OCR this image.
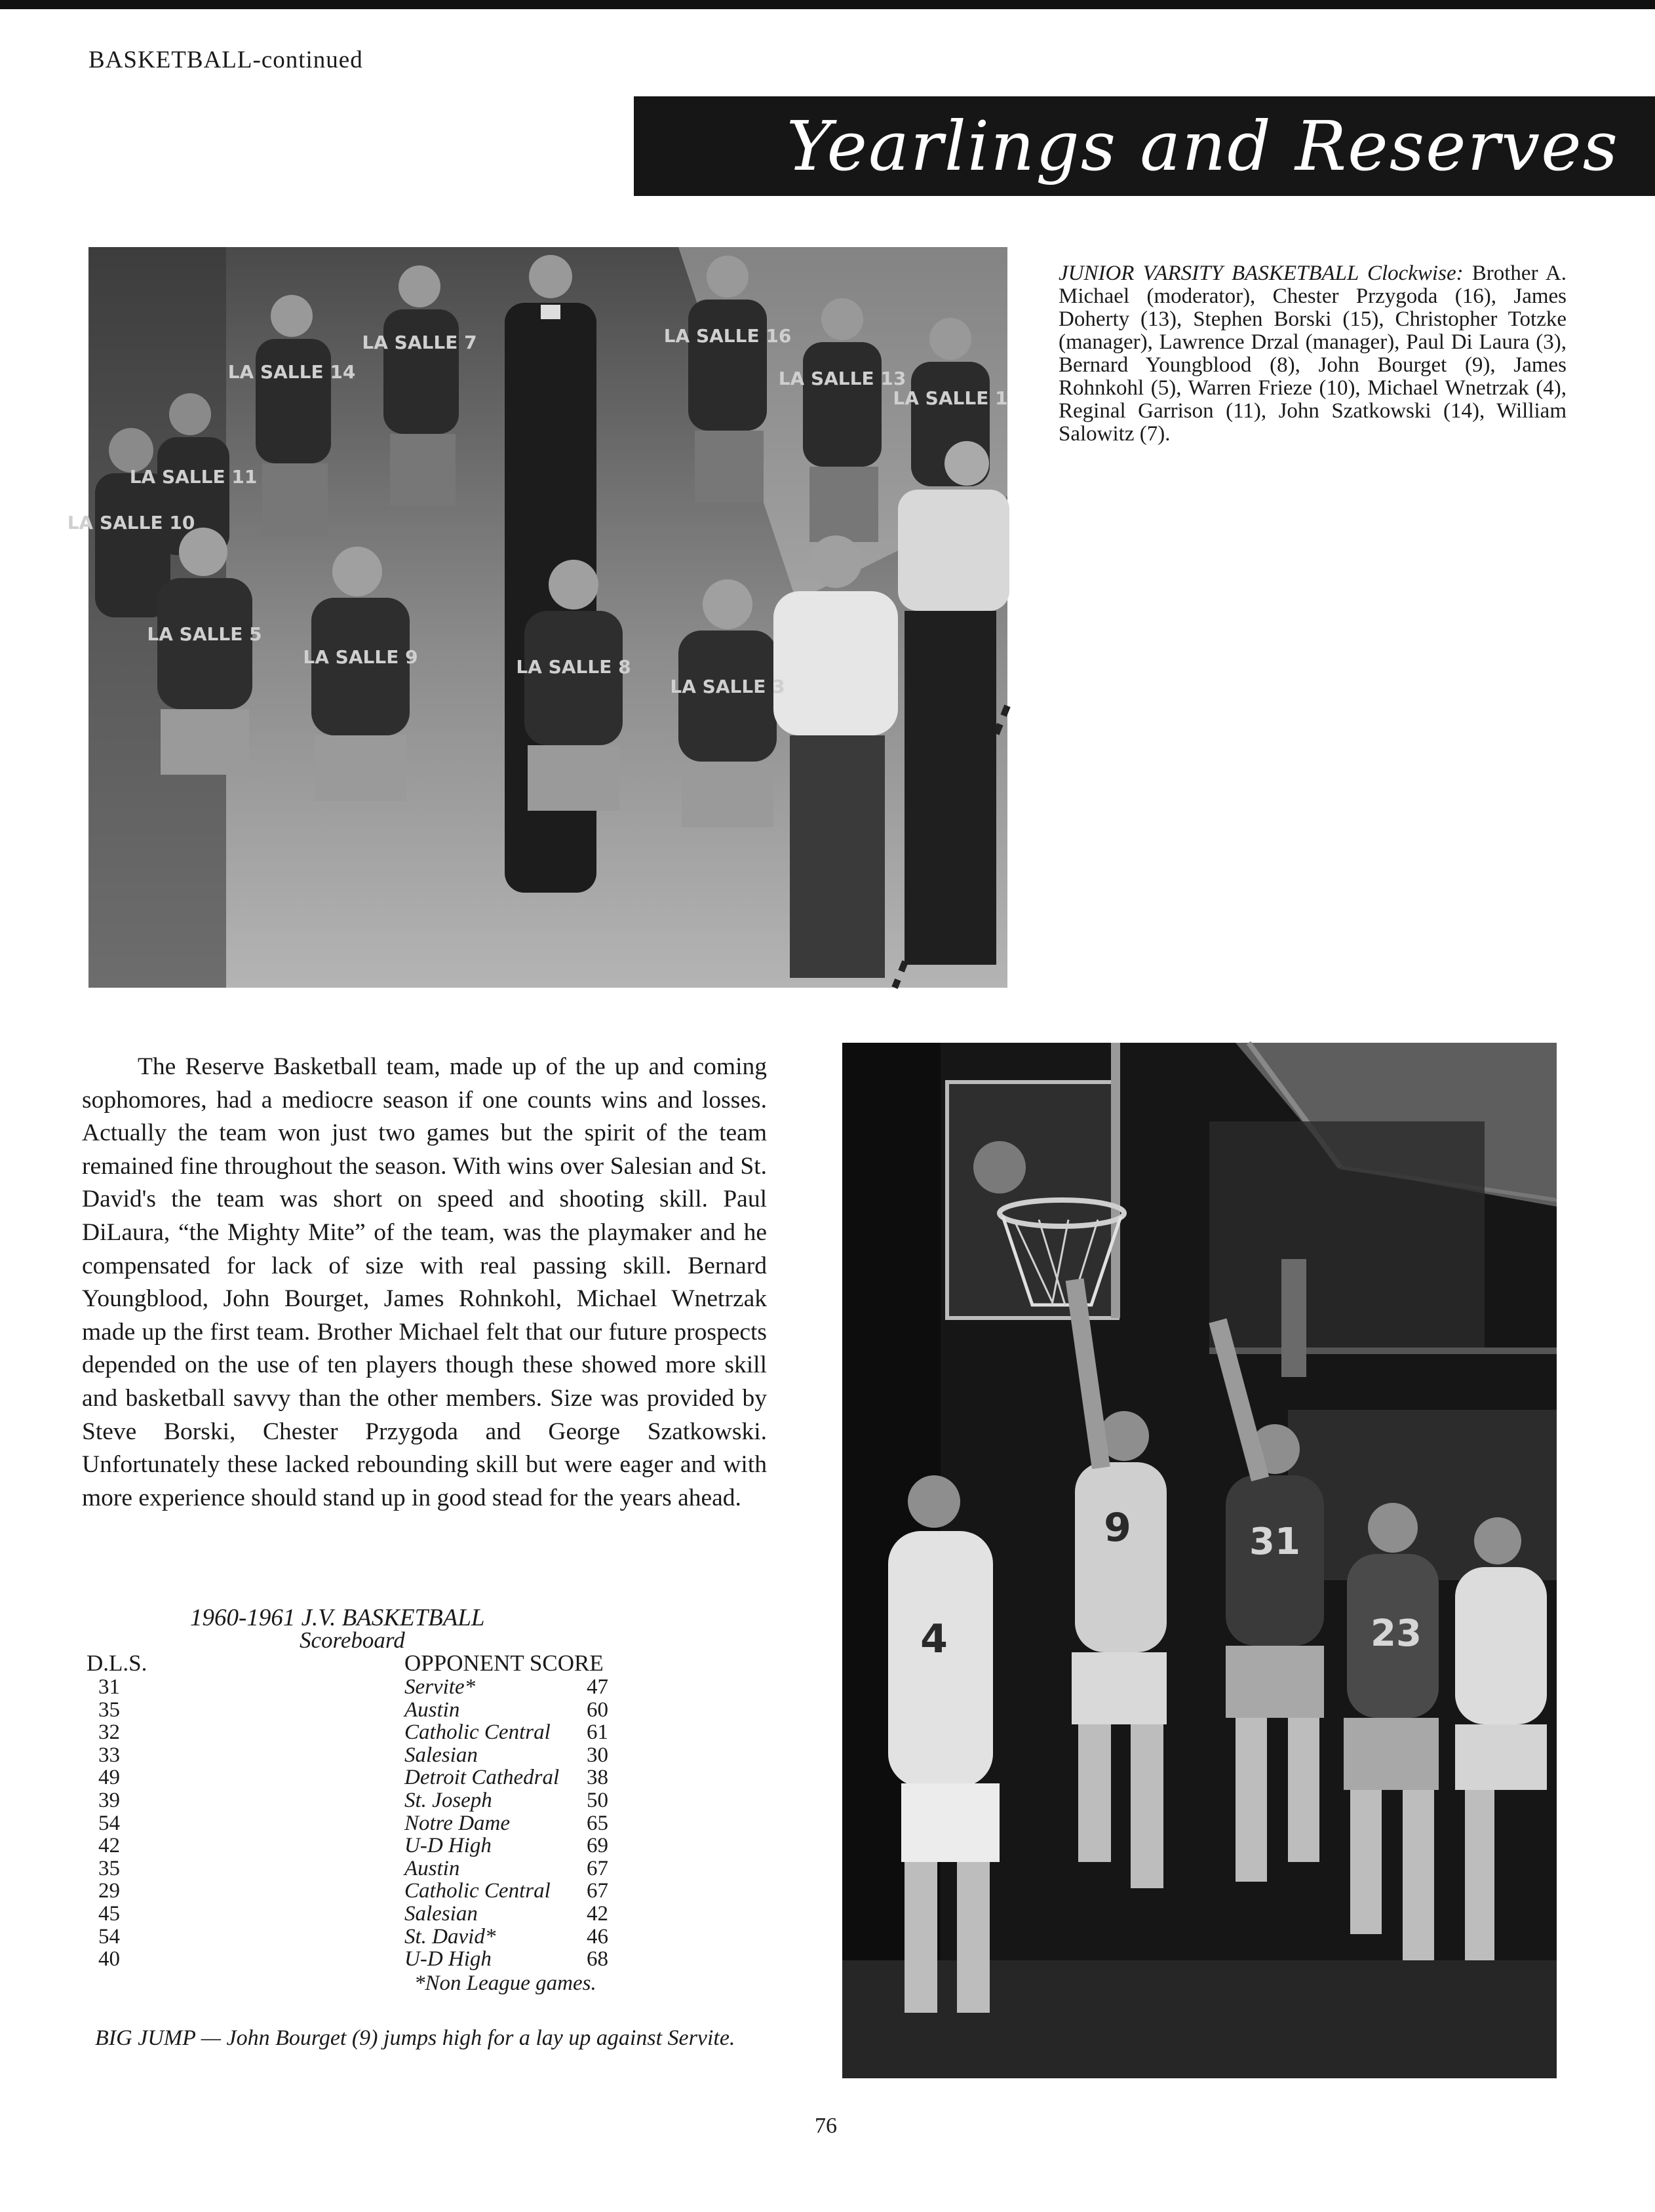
BASKETBALL-continued
Yearlings and Reserves
LA SALLE 14
LA SALLE 7	LA SALLE 16
LA SALLE 13
LA SALLE 11
LA SALLE 1
LA SALLE 10
LA SALLE 5
LA SALLE 9	LA SALLE 8
LA SALLE 3
JUNIOR VARSITY BASKETBALL Clockwise: Brother A. Michael (moderator), Chester Przygoda (16), James Doherty (13), Stephen Borski (15), Christopher Totzke (manager), Lawrence Drzal (manager), Paul Di Laura (3), Bernard Youngblood (8), John Bourget (9), James Rohnkohl (5), Warren Frieze (10), Michael Wnetrzak (4), Reginal Garrison (11), John Szatkowski (14), William Salowitz (7).

The Reserve Basketball team, made up of the up and coming sophomores, had a mediocre season if one counts wins and losses. Actually the team won just two games but the spirit of the team remained fine throughout the season. With wins over Salesian and St. David's the team was short on speed and shooting skill. Paul DiLaura, “the Mighty Mite” of the team, was the playmaker and he compensated for lack of size with real passing skill. Bernard Youngblood, John Bourget, James Rohnkohl, Michael Wnetrzak made up the first team. Brother Michael felt that our future prospects depended on the use of ten players though these showed more skill and basketball savvy than the other members. Size was provided by Steve Borski, Chester Przygoda and George Szatkowski. Unfortunately these lacked rebounding skill but were eager and with more experience should stand up in good stead for the years ahead.

1960-1961 J.V. BASKETBALL
Scoreboard
D.L.S.	OPPONENT SCORE
31	Servite*	47
35	Austin	60
32	Catholic Central 61
33	Salesian	30
49	Detroit Cathedral 38
39	St. Joseph	50
54	Notre Dame	65
42	U-D High	69
35	Austin	67
29	Catholic Central 67
45	Salesian	42
54	St. David*	46
40	U-D High	68
*Non League games.
9
4
31
23
BIG JUMP — John Bourget (9) jumps high for a lay up against Servite.
76
